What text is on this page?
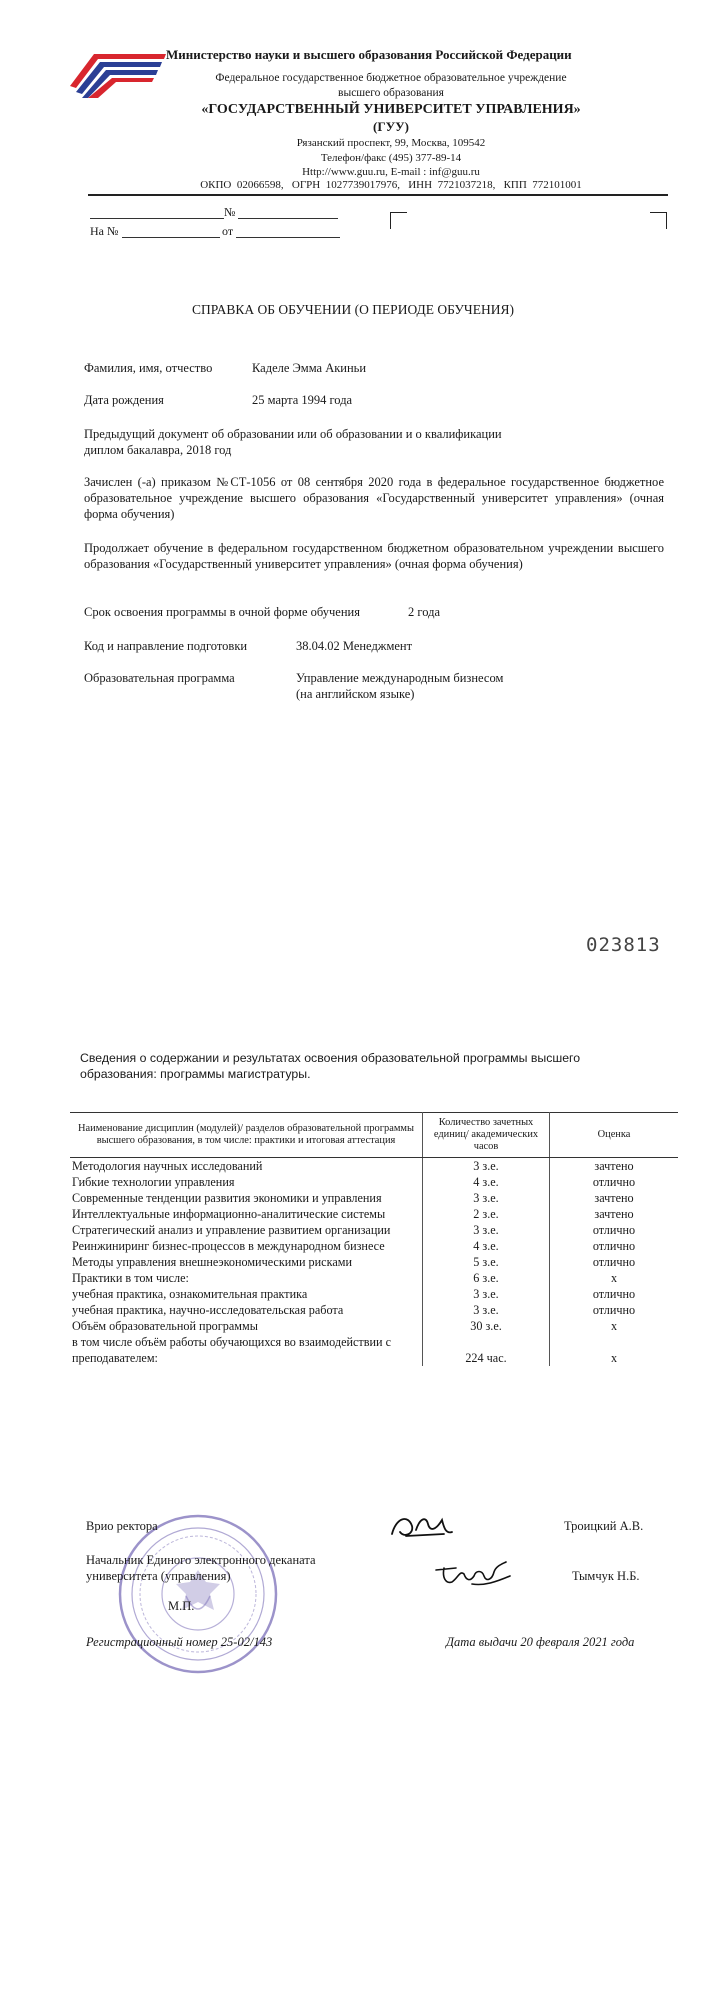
Министерство науки и высшего образования Российской Федерации
Федеральное государственное бюджетное образовательное учреждение
высшего образования
«ГОСУДАРСТВЕННЫЙ УНИВЕРСИТЕТ УПРАВЛЕНИЯ»
(ГУУ)
Рязанский проспект, 99, Москва, 109542
Телефон/факс (495) 377-89-14
Http://www.guu.ru, E-mail : inf@guu.ru
ОКПО  02066598,   ОГРН  1027739017976,   ИНН  7721037218,   КПП  772101001
№
На №	от
СПРАВКА ОБ ОБУЧЕНИИ (О ПЕРИОДЕ ОБУЧЕНИЯ)
Фамилия, имя, отчество	Каделе Эмма Акиньи
Дата рождения	25 марта 1994 года
Предыдущий документ об образовании или об образовании и о квалификации
диплом бакалавра, 2018 год
Зачислен (-а) приказом №СТ-1056 от 08 сентября 2020 года в федеральное государственное бюджетное образовательное учреждение высшего образования «Государственный университет управления» (очная форма обучения)
Продолжает обучение в федеральном государственном бюджетном образовательном учреждении высшего образования «Государственный университет управления» (очная форма обучения)
Срок освоения программы в очной форме обучения	2 года
Код и направление подготовки	38.04.02 Менеджмент
Образовательная программа	Управление международным бизнесом
(на английском языке)
023813
Сведения о содержании и результатах освоения образовательной программы высшего образования: программы магистратуры.
Наименование дисциплин (модулей)/ разделов образовательной программы высшего образования, в том числе: практики и итоговая аттестация	Количество зачетных единиц/ академических часов	Оценка
Методология научных исследований	3 з.е.	зачтено
Гибкие технологии управления	4 з.е.	отлично
Современные тенденции развития экономики и управления	3 з.е.	зачтено
Интеллектуальные информационно-аналитические системы	2 з.е.	зачтено
Стратегический анализ и управление развитием организации	3 з.е.	отлично
Реинжиниринг бизнес-процессов в международном бизнесе	4 з.е.	отлично
Методы управления внешнеэкономическими рисками	5 з.е.	отлично
Практики в том числе:	6 з.е.	x
учебная практика, ознакомительная практика	3 з.е.	отлично
учебная практика, научно-исследовательская работа	3 з.е.	отлично
Объём образовательной программы	30 з.е.	x
в том числе объём работы обучающихся во взаимодействии с преподавателем:	224 час.	x
Врио ректора	Троицкий А.В.
Начальник Единого электронного деканата
университета (управления)	Тымчук Н.Б.
М.П.
Регистрационный номер 25-02/143	Дата выдачи 20 февраля 2021 года
